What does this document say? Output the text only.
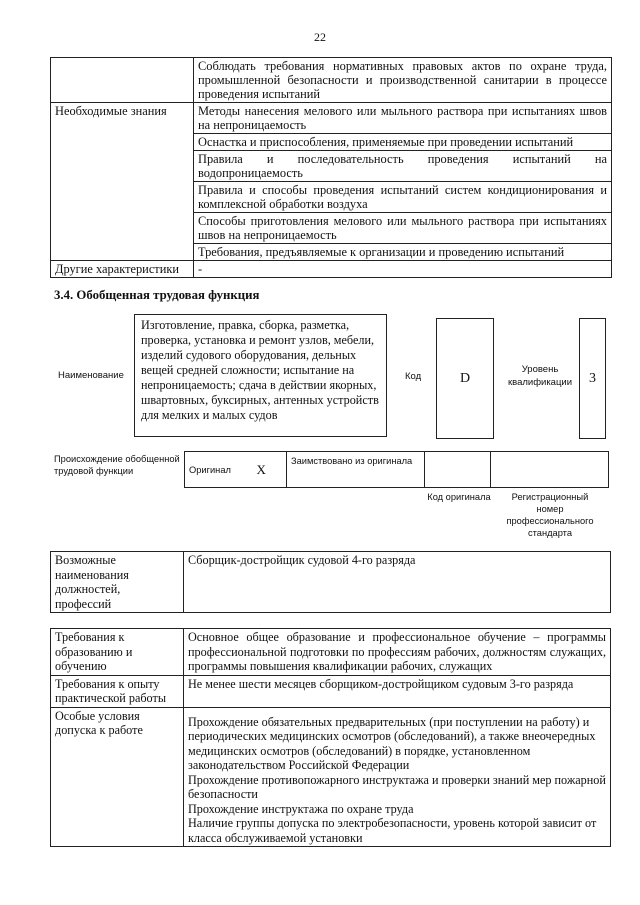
22
	Соблюдать требования нормативных правовых актов по охране труда, промышленной безопасности и производственной санитарии в процессе проведения испытаний
Необходимые знания	Методы нанесения мелового или мыльного раствора при испытаниях швов на непроницаемость
	Оснастка и приспособления, применяемые при проведении испытаний
	Правила и последовательность проведения испытаний на водопроницаемость
	Правила и способы проведения испытаний систем кондиционирования и комплексной обработки воздуха
	Способы приготовления мелового или мыльного раствора при испытаниях швов на непроницаемость
	Требования, предъявляемые к организации и проведению испытаний
Другие характеристики	-
3.4. Обобщенная трудовая функция
Наименование
Изготовление, правка, сборка, разметка, проверка, установка и ремонт узлов, мебели, изделий судового оборудования, дельных вещей средней сложности; испытание на непроницаемость; сдача в действии якорных, швартовных, буксирных, антенных устройств для мелких и малых судов
Код	D
Уровень квалификации	3
Происхождение обобщенной трудовой функции	Оригинал	X	Заимствовано из оригинала		
Код оригинала	Регистрационный номер профессионального стандарта
Возможные наименования должностей, профессий	Сборщик-достройщик судовой 4-го разряда
Требования к образованию и обучению	Основное общее образование и профессиональное обучение – программы профессиональной подготовки по профессиям рабочих, должностям служащих, программы повышения квалификации рабочих, служащих
Требования к опыту практической работы	Не менее шести месяцев сборщиком-достройщиком судовым 3-го разряда
Особые условия допуска к работе	Прохождение обязательных предварительных (при поступлении на работу) и периодических медицинских осмотров (обследований), а также внеочередных медицинских осмотров (обследований) в порядке, установленном законодательством Российской Федерации
Прохождение противопожарного инструктажа и проверки знаний мер пожарной безопасности
Прохождение инструктажа по охране труда
Наличие группы допуска по электробезопасности, уровень которой зависит от класса обслуживаемой установки
